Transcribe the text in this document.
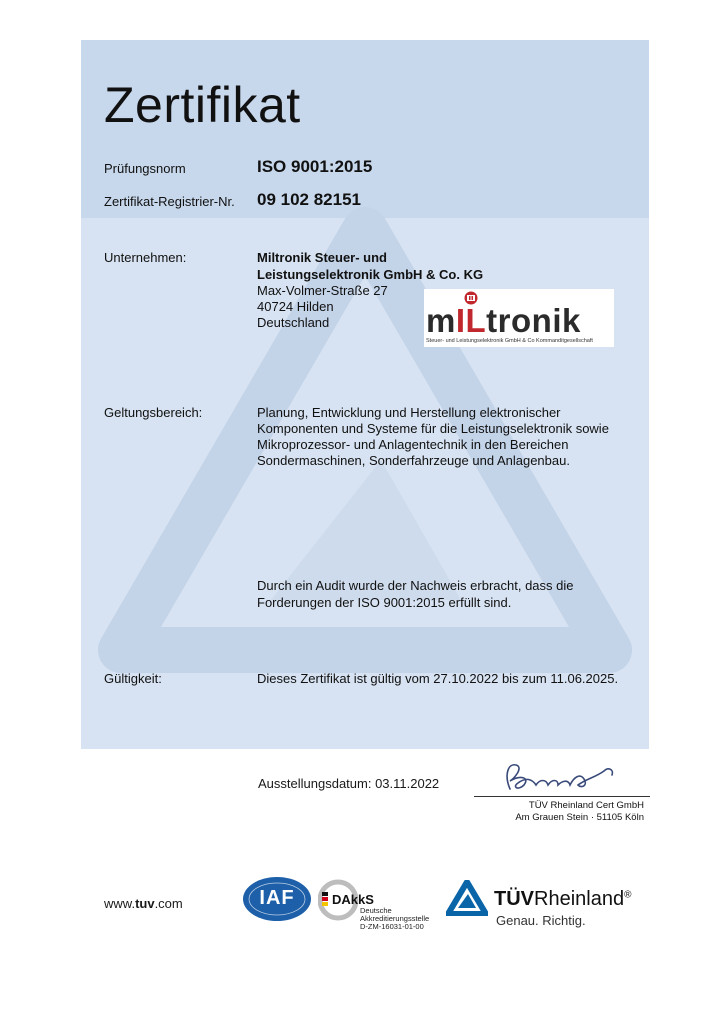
Zertifikat
Prüfungsnorm	ISO 9001:2015
Zertifikat-Registrier-Nr. 09 102 82151
Unternehmen:	Miltronik Steuer- und
Leistungselektronik GmbH & Co. KG
Max-Volmer-Straße 27
40724 Hilden
Deutschland	mILtronik
Steuer- und Leistungselektronik GmbH & Co Kommanditgesellschaft
Geltungsbereich:	Planung, Entwicklung und Herstellung elektronischer
Komponenten und Systeme für die Leistungselektronik sowie
Mikroprozessor- und Anlagentechnik in den Bereichen
Sondermaschinen, Sonderfahrzeuge und Anlagenbau.
Durch ein Audit wurde der Nachweis erbracht, dass die
Forderungen der ISO 9001:2015 erfüllt sind.
Gültigkeit:	Dieses Zertifikat ist gültig vom 27.10.2022 bis zum 11.06.2025.
Ausstellungsdatum: 03.11.2022
TÜV Rheinland Cert GmbH
Am Grauen Stein · 51105 Köln
www.tuv.com	IAF	DAkkS
Deutsche
Akkreditierungsstelle
D-ZM-16031-01-00
TÜVRheinland®
Genau. Richtig.
